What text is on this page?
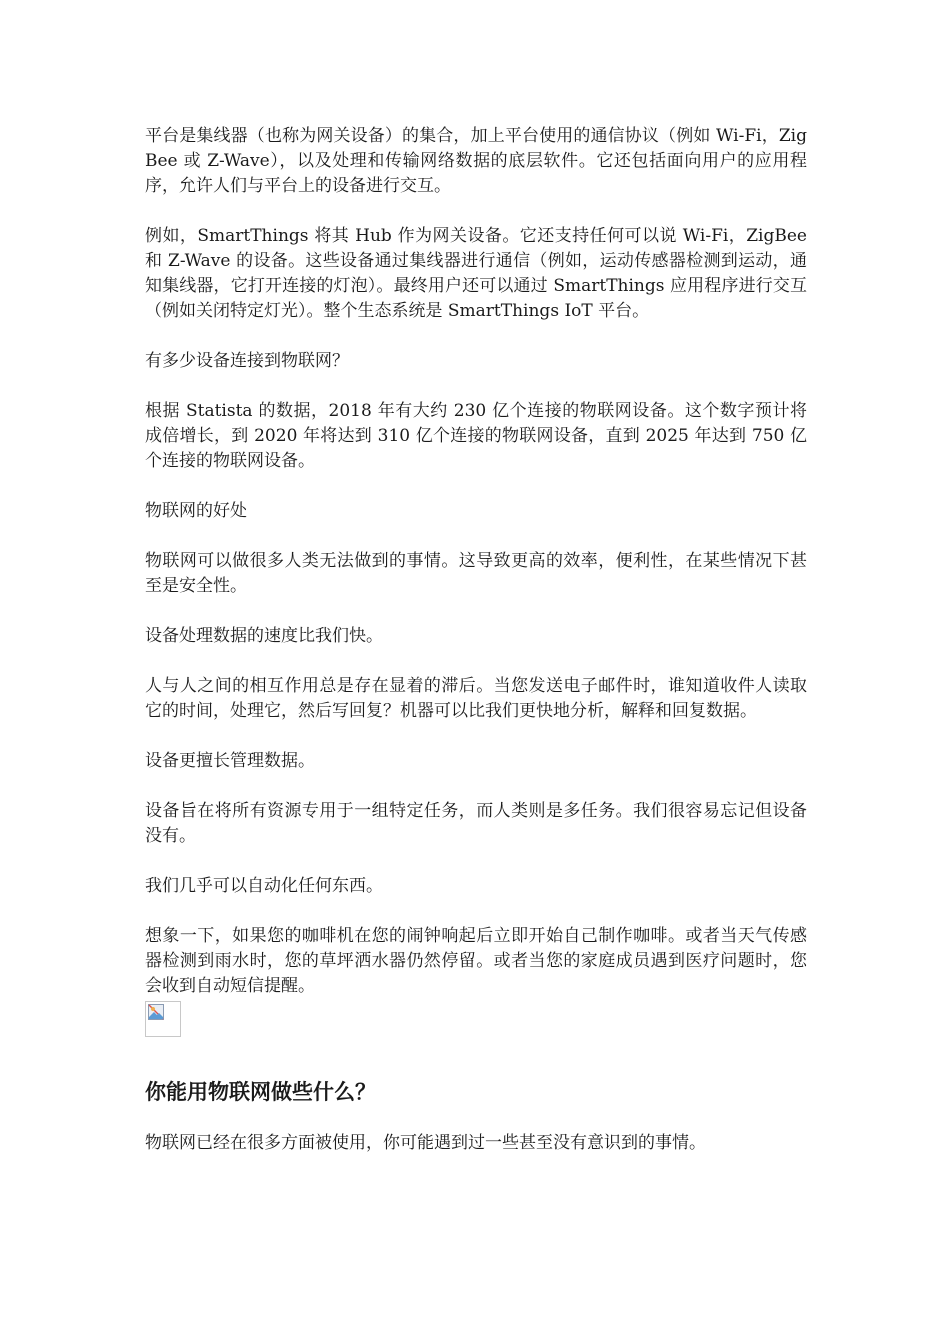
平台是集线器（也称为网关设备）的集合，加上平台使用的通信协议（例如 Wi-Fi，ZigBee 或 Z-Wave），以及处理和传输网络数据的底层软件。它还包括面向用户的应用程序，允许人们与平台上的设备进行交互。

例如，SmartThings 将其 Hub 作为网关设备。它还支持任何可以说 Wi-Fi，ZigBee 和 Z-Wave 的设备。这些设备通过集线器进行通信（例如，运动传感器检测到运动，通知集线器，它打开连接的灯泡）。最终用户还可以通过 SmartThings 应用程序进行交互（例如关闭特定灯光）。整个生态系统是 SmartThings IoT 平台。

有多少设备连接到物联网？

根据 Statista 的数据，2018 年有大约 230 亿个连接的物联网设备。这个数字预计将成倍增长，到 2020 年将达到 310 亿个连接的物联网设备，直到 2025 年达到 750 亿个连接的物联网设备。

物联网的好处

物联网可以做很多人类无法做到的事情。这导致更高的效率，便利性，在某些情况下甚至是安全性。

设备处理数据的速度比我们快。

人与人之间的相互作用总是存在显着的滞后。当您发送电子邮件时，谁知道收件人读取它的时间，处理它，然后写回复？机器可以比我们更快地分析，解释和回复数据。

设备更擅长管理数据。

设备旨在将所有资源专用于一组特定任务，而人类则是多任务。我们很容易忘记但设备没有。

我们几乎可以自动化任何东西。

想象一下，如果您的咖啡机在您的闹钟响起后立即开始自己制作咖啡。或者当天气传感器检测到雨水时，您的草坪洒水器仍然停留。或者当您的家庭成员遇到医疗问题时，您会收到自动短信提醒。

你能用物联网做些什么？

物联网已经在很多方面被使用，你可能遇到过一些甚至没有意识到的事情。
